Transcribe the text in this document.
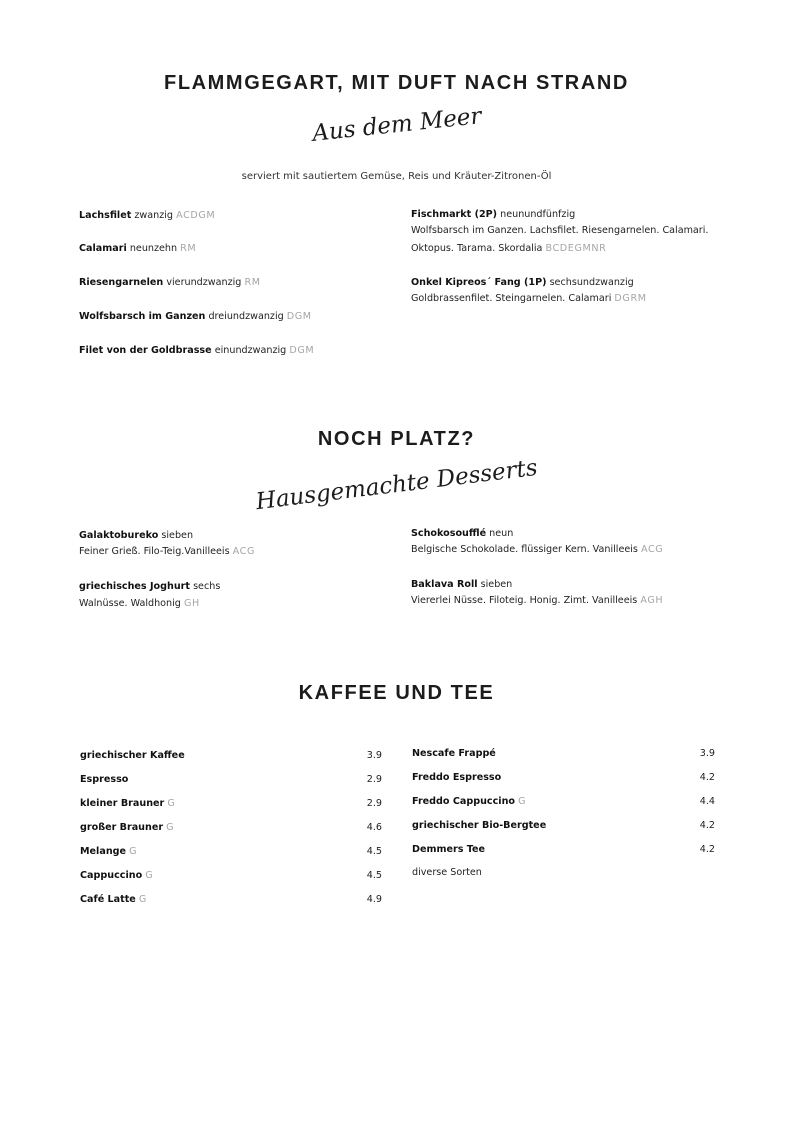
FLAMMGEGART, MIT DUFT NACH STRAND
Aus dem Meer
serviert mit sautiertem Gemüse, Reis und Kräuter-Zitronen-Öl
Lachsfilet zwanzig ACDGM
Calamari neunzehn RM
Riesengarnelen vierundzwanzig RM
Wolfsbarsch im Ganzen dreiundzwanzig DGM
Filet von der Goldbrasse einundzwanzig DGM
Fischmarkt (2P) neunundfünfzig
Wolfsbarsch im Ganzen. Lachsfilet. Riesengarnelen. Calamari.
Oktopus. Tarama. Skordalia BCDEGMNR
Onkel Kipreos´ Fang (1P) sechsundzwanzig
Goldbrassenfilet. Steingarnelen. Calamari DGRM
NOCH PLATZ?
Hausgemachte Desserts
Galaktobureko sieben
Feiner Grieß. Filo-Teig.Vanilleeis ACG
griechisches Joghurt sechs
Walnüsse. Waldhonig GH
Schokosoufflé neun
Belgische Schokolade. flüssiger Kern. Vanilleeis ACG
Baklava Roll sieben
Viererlei Nüsse. Filoteig. Honig. Zimt. Vanilleeis AGH
KAFFEE UND TEE
griechischer Kaffee	3.9
Espresso	2.9
kleiner Brauner G	2.9
großer Brauner G	4.6
Melange G	4.5
Cappuccino G	4.5
Café Latte G	4.9
Nescafe Frappé	3.9
Freddo Espresso	4.2
Freddo Cappuccino G	4.4
griechischer Bio-Bergtee	4.2
Demmers Tee	4.2
diverse Sorten
